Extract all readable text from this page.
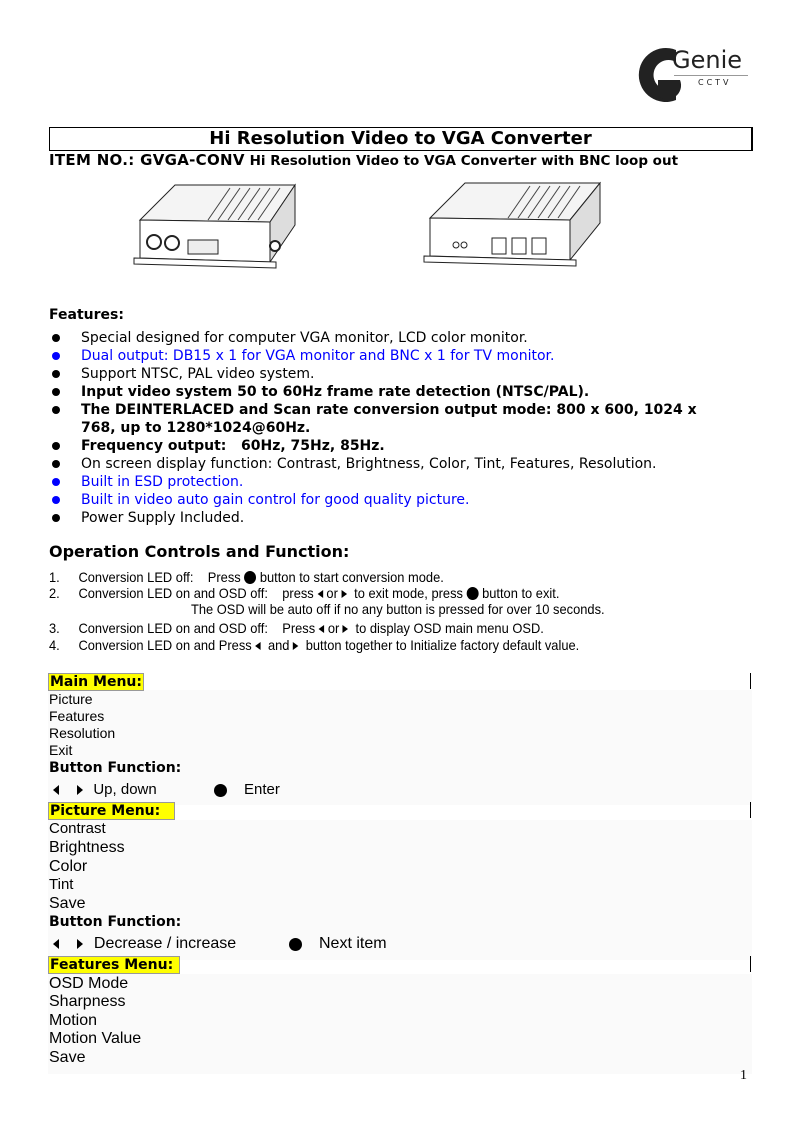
Genie
CCTV
Hi Resolution Video to VGA Converter
ITEM NO.: GVGA-CONV Hi Resolution Video to VGA Converter with BNC loop out
Features:
Special designed for computer VGA monitor, LCD color monitor.
Dual output: DB15 x 1 for VGA monitor and BNC x 1 for TV monitor.
Support NTSC, PAL video system.
Input video system 50 to 60Hz frame rate detection (NTSC/PAL).
The DEINTERLACED and Scan rate conversion output mode: 800 x 600, 1024 x
768, up to 1280*1024@60Hz.
Frequency output:   60Hz, 75Hz, 85Hz.
On screen display function: Contrast, Brightness, Color, Tint, Features, Resolution.
Built in ESD protection.
Built in video auto gain control for good quality picture.
Power Supply Included.
Operation Controls and Function:
1. Conversion LED off:    Press  button to start conversion mode.
2. Conversion LED on and OSD off:    press  or   to exit mode, press  button to exit.
The OSD will be auto off if no any button is pressed for over 10 seconds.
3. Conversion LED on and OSD off:    Press  or   to display OSD main menu OSD.
4. Conversion LED on and Press   and   button together to Initialize factory default value.
Main Menu:
Picture
Features
Resolution
Exit
Button Function:
Up, down	Enter
Picture Menu:
Contrast
Brightness
Color
Tint
Save
Button Function:
Decrease / increase	Next item
Features Menu:
OSD Mode
Sharpness
Motion
Motion Value
Save
1
